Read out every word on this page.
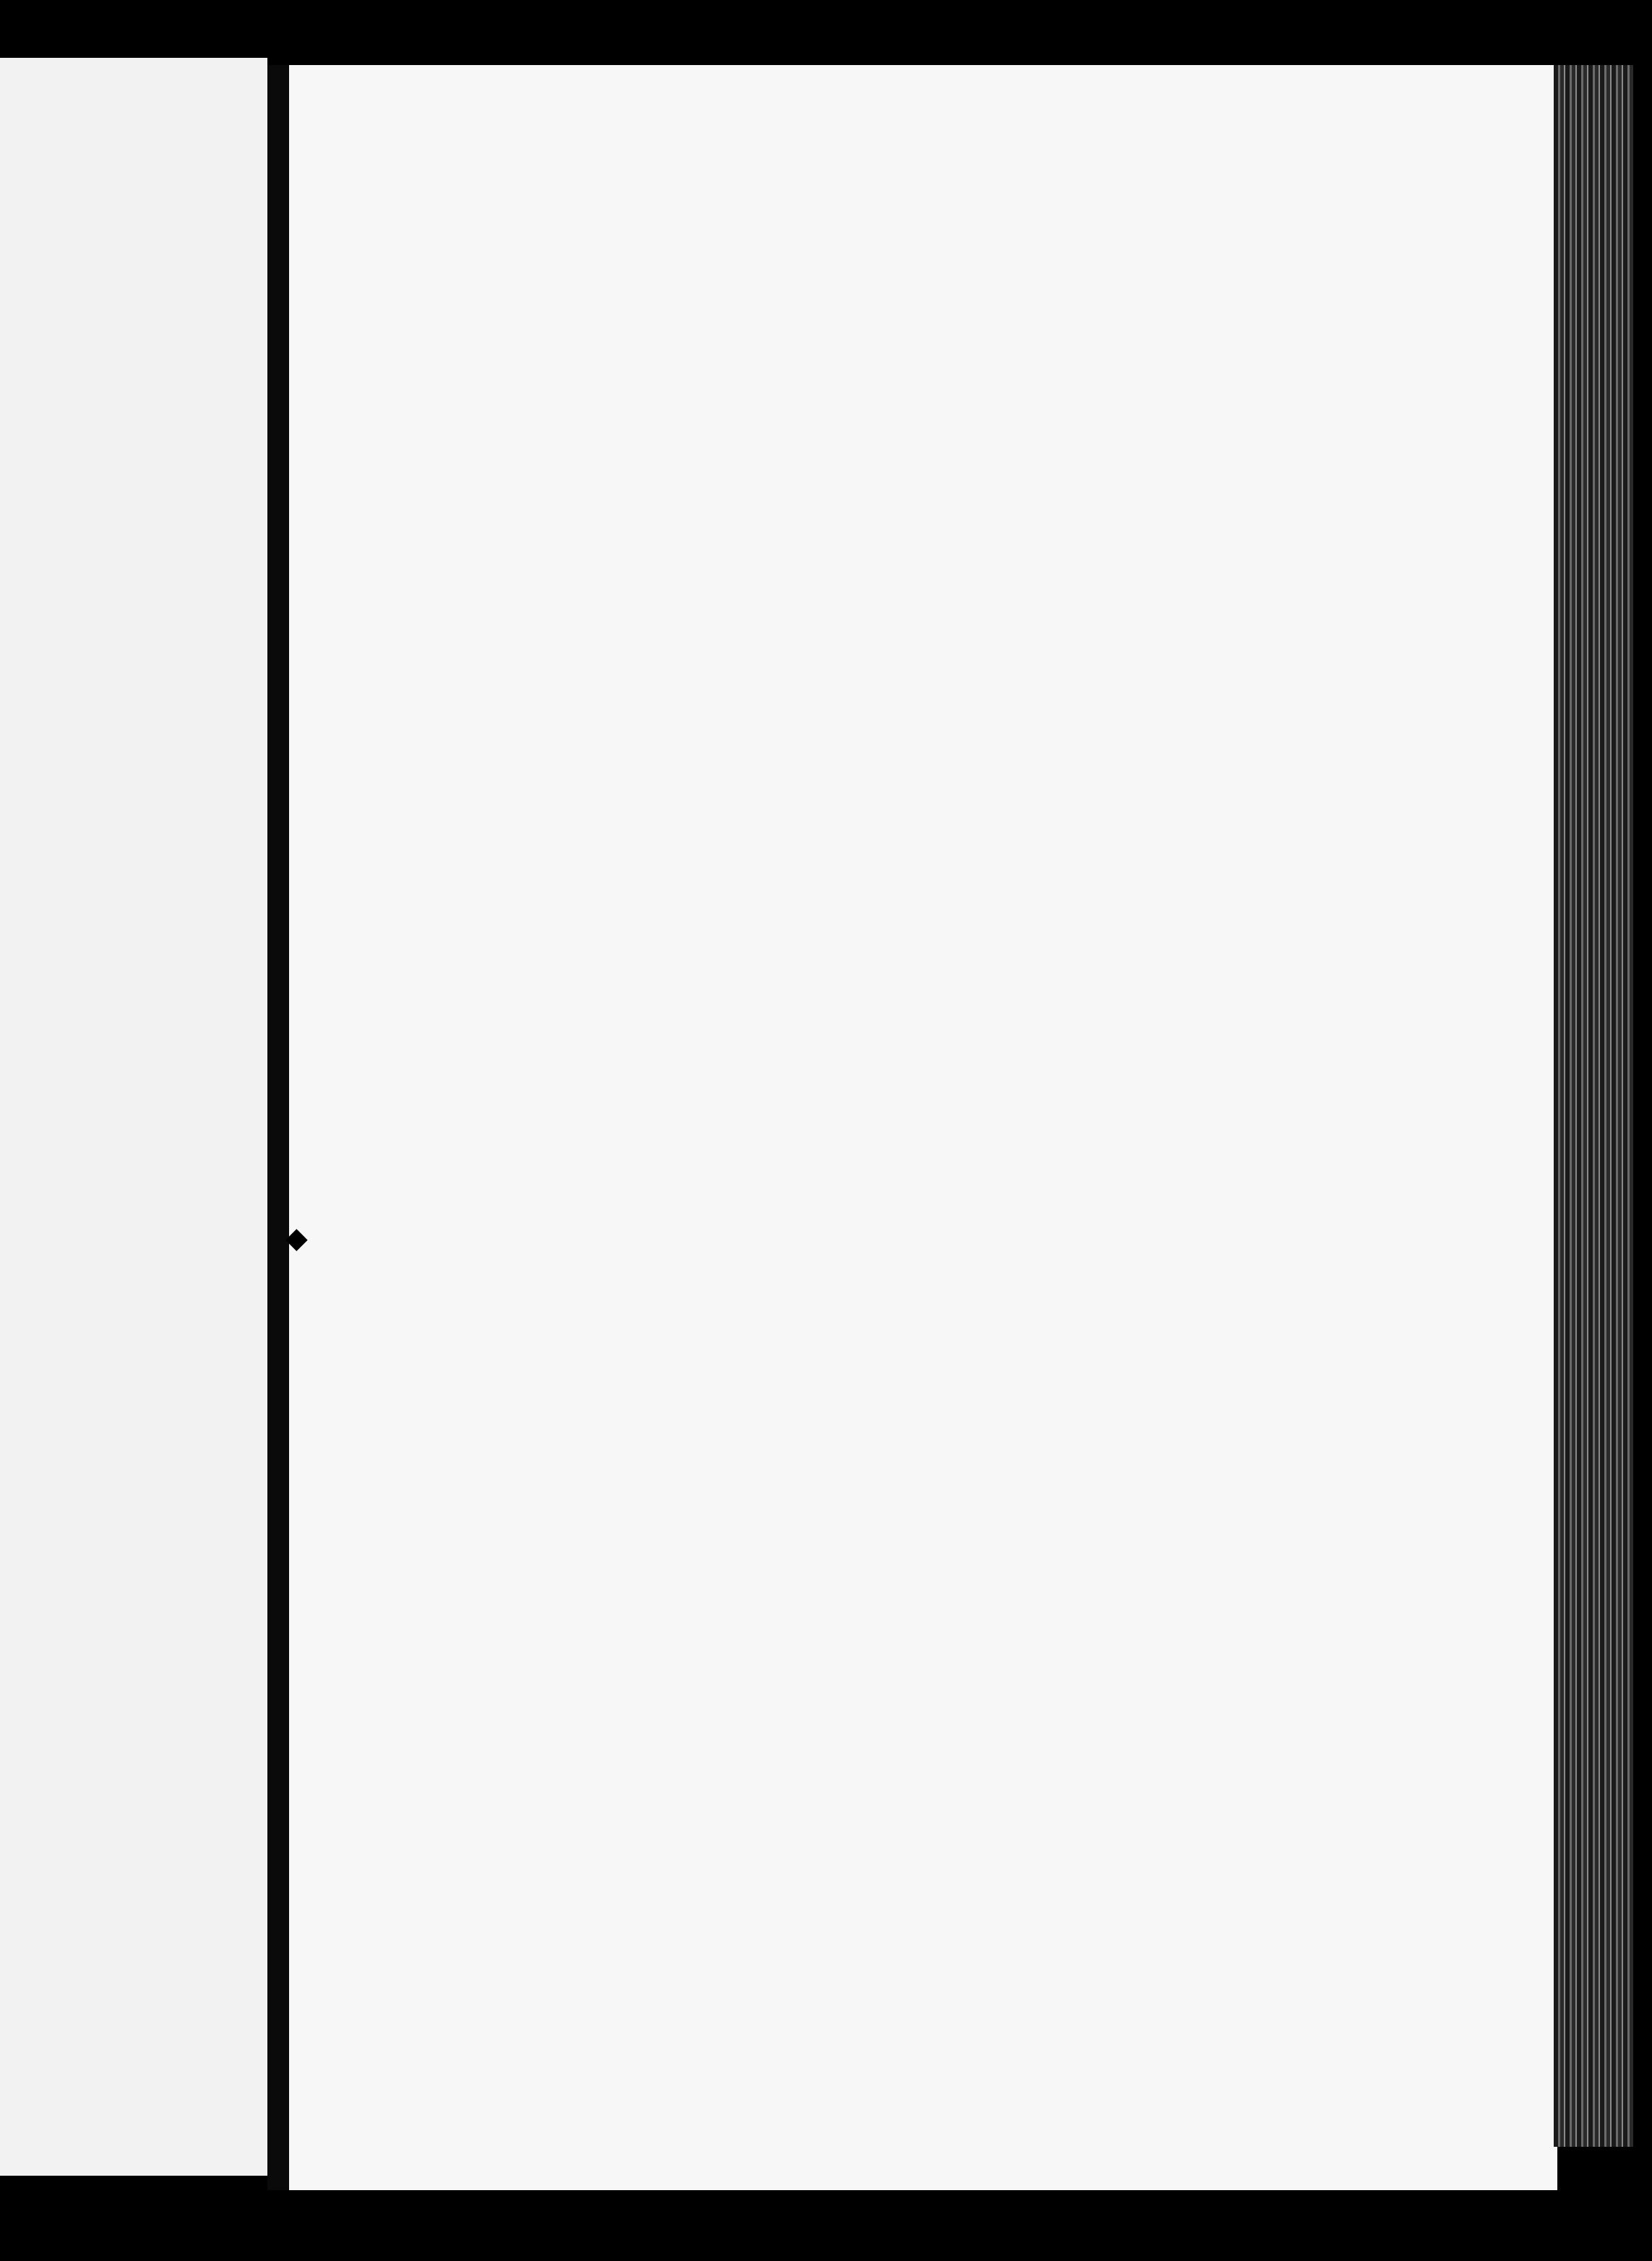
◆
